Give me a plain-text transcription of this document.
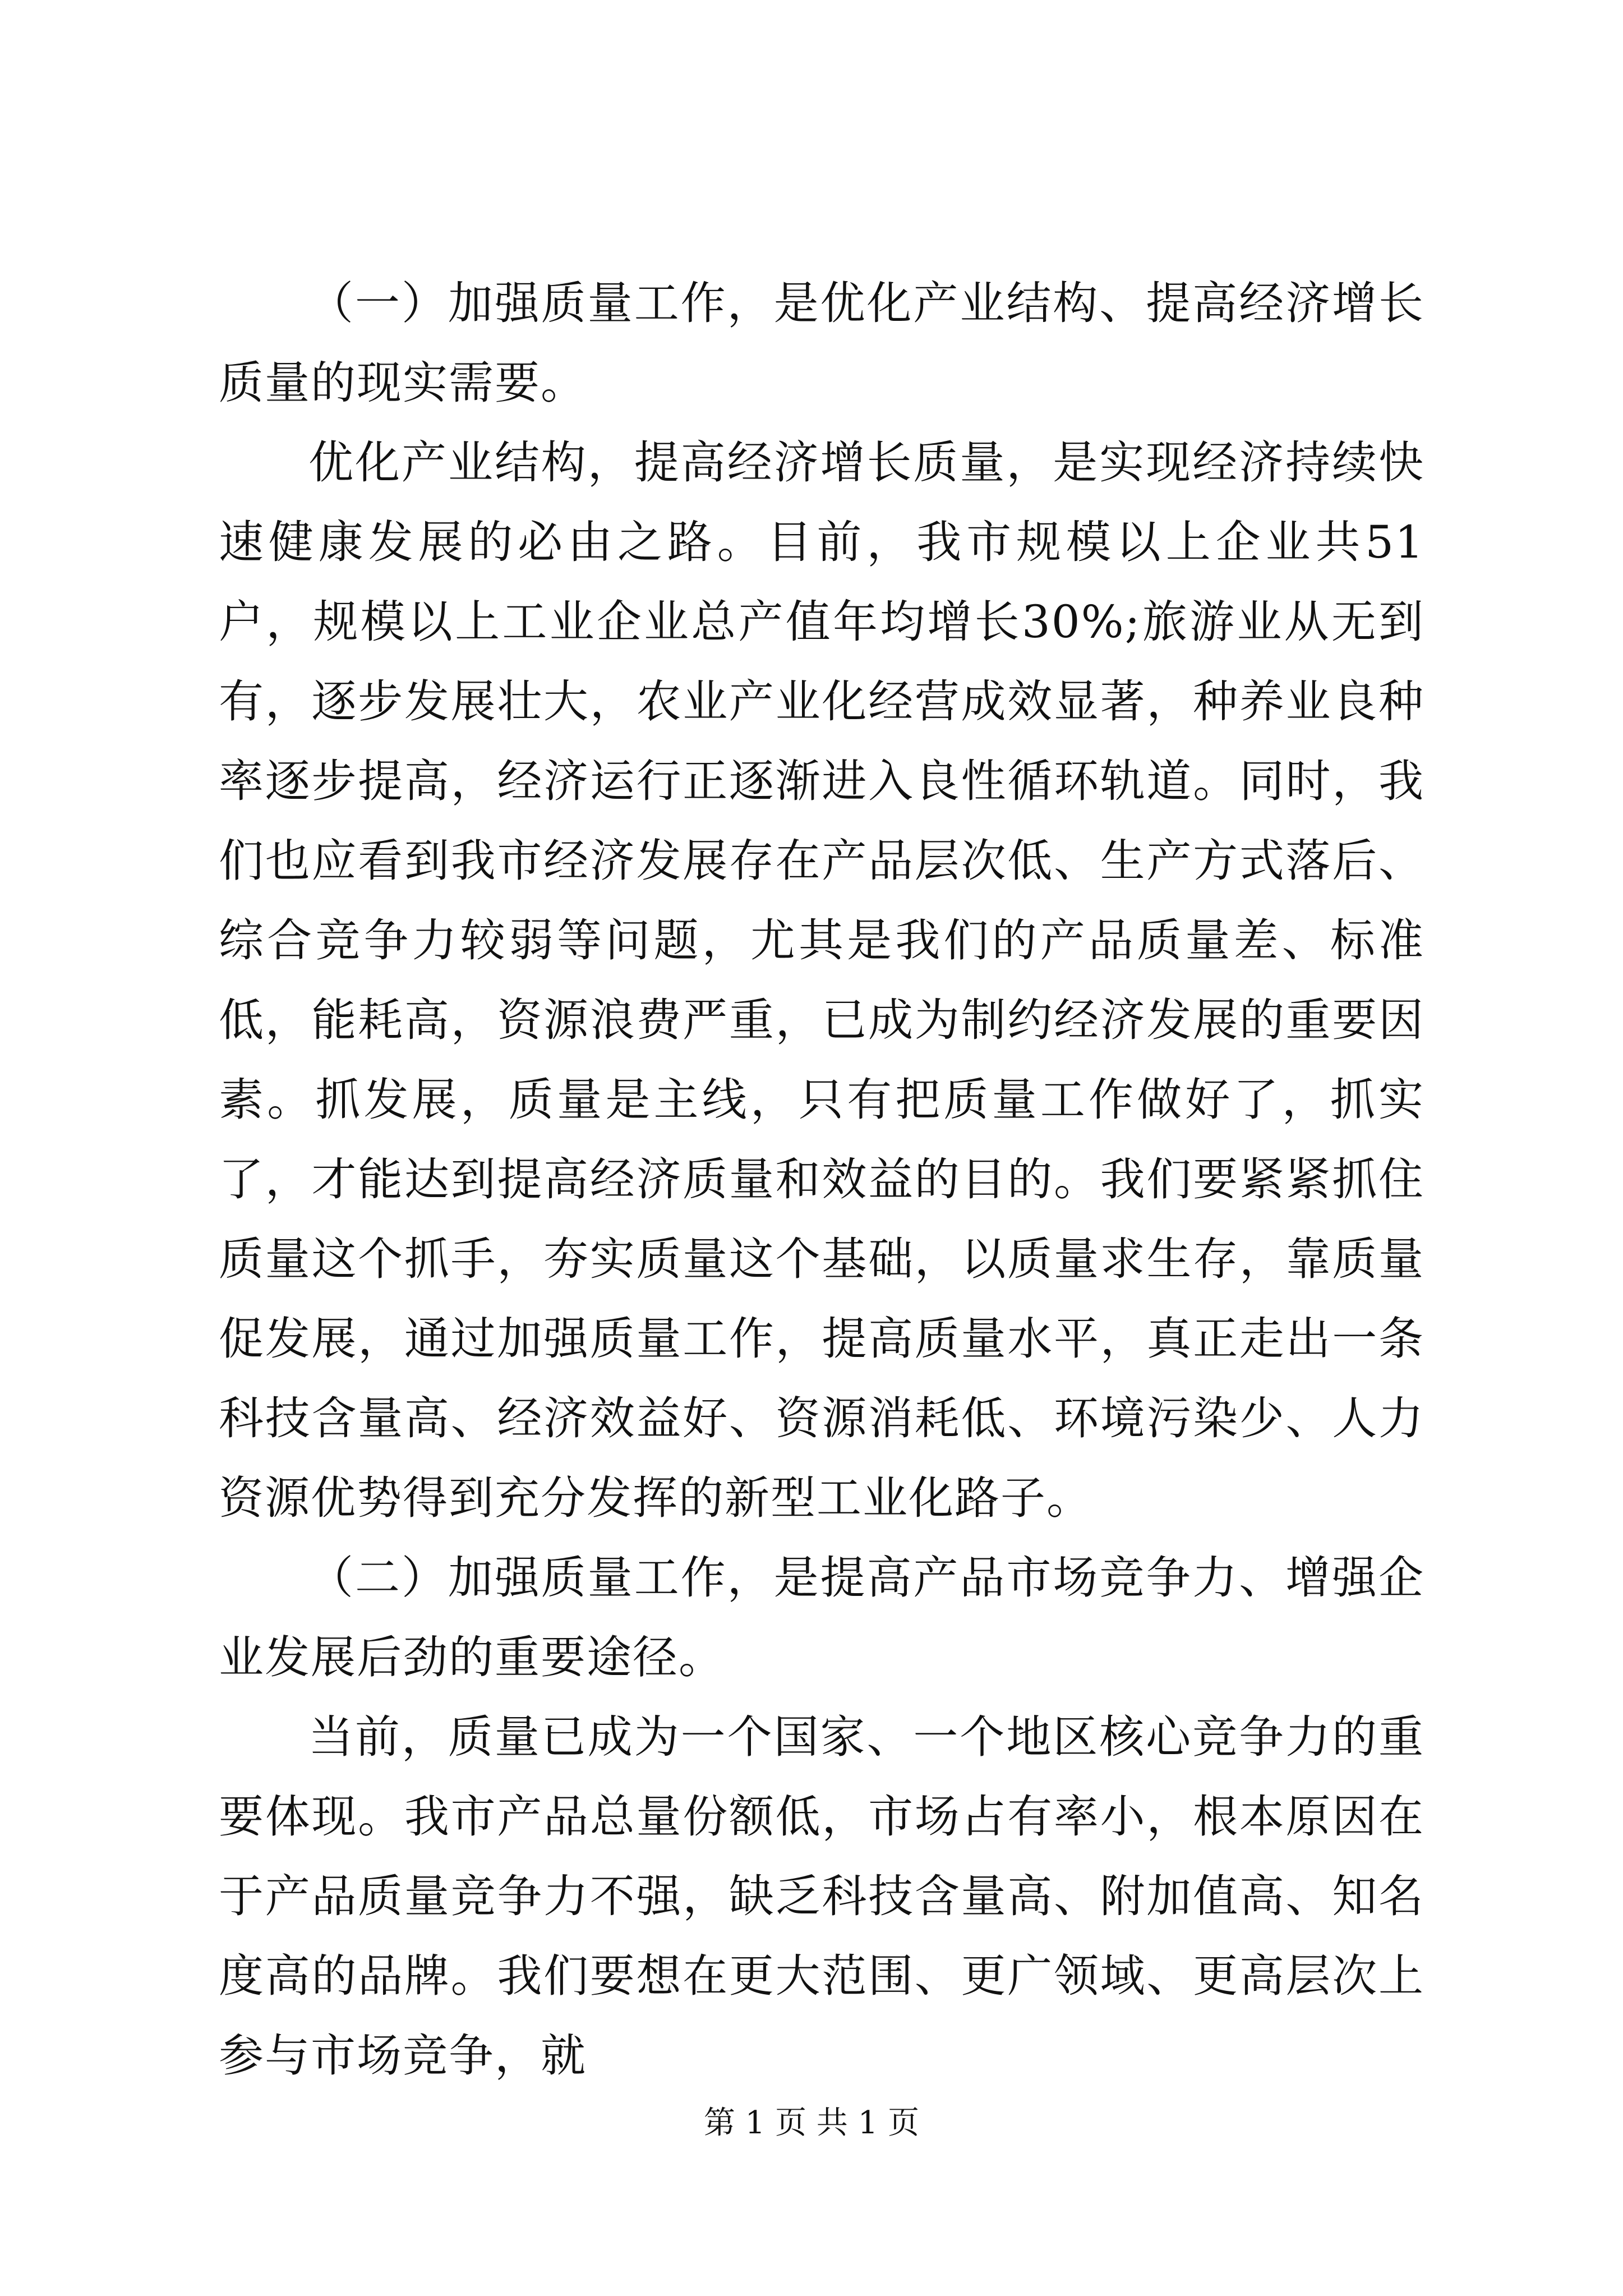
（一）加强质量工作，是优化产业结构、提高经济增长质量的现实需要。

优化产业结构，提高经济增长质量，是实现经济持续快速健康发展的必由之路。目前，我市规模以上企业共51户，规模以上工业企业总产值年均增长30%;旅游业从无到有，逐步发展壮大，农业产业化经营成效显著，种养业良种率逐步提高，经济运行正逐渐进入良性循环轨道。同时，我们也应看到我市经济发展存在产品层次低、生产方式落后、综合竞争力较弱等问题，尤其是我们的产品质量差、标准低，能耗高，资源浪费严重，已成为制约经济发展的重要因素。抓发展，质量是主线，只有把质量工作做好了，抓实了，才能达到提高经济质量和效益的目的。我们要紧紧抓住质量这个抓手，夯实质量这个基础，以质量求生存，靠质量促发展，通过加强质量工作，提高质量水平，真正走出一条科技含量高、经济效益好、资源消耗低、环境污染少、人力资源优势得到充分发挥的新型工业化路子。

（二）加强质量工作，是提高产品市场竞争力、增强企业发展后劲的重要途径。

当前，质量已成为一个国家、一个地区核心竞争力的重要体现。我市产品总量份额低，市场占有率小，根本原因在于产品质量竞争力不强，缺乏科技含量高、附加值高、知名度高的品牌。我们要想在更大范围、更广领域、更高层次上参与市场竞争，就

第 1 页 共 1 页
